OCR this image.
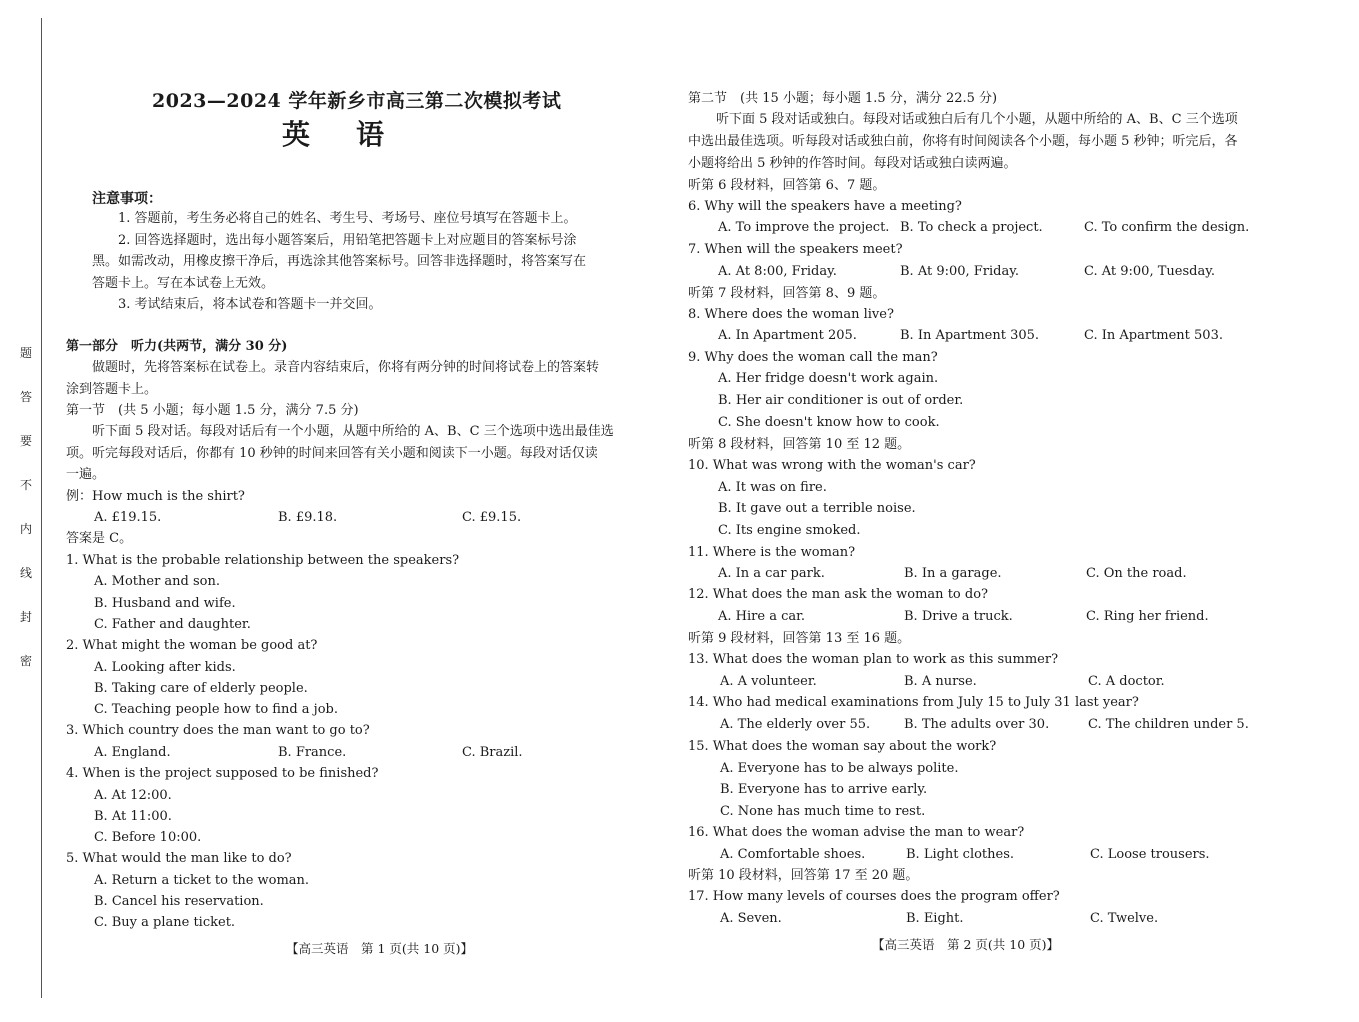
题
答
要
不
内
线
封
密
2023—2024 学年新乡市高三第二次模拟考试
英语
注意事项：
1. 答题前，考生务必将自己的姓名、考生号、考场号、座位号填写在答题卡上。
2. 回答选择题时，选出每小题答案后，用铅笔把答题卡上对应题目的答案标号涂
黑。如需改动，用橡皮擦干净后，再选涂其他答案标号。回答非选择题时，将答案写在
答题卡上。写在本试卷上无效。
3. 考试结束后，将本试卷和答题卡一并交回。
第一部分　听力(共两节，满分 30 分)
做题时，先将答案标在试卷上。录音内容结束后，你将有两分钟的时间将试卷上的答案转
涂到答题卡上。
第一节　(共 5 小题；每小题 1.5 分，满分 7.5 分)
听下面 5 段对话。每段对话后有一个小题，从题中所给的 A、B、C 三个选项中选出最佳选
项。听完每段对话后，你都有 10 秒钟的时间来回答有关小题和阅读下一小题。每段对话仅读
一遍。
例：How much is the shirt?
A. £19.15.	B. £9.18.	C. £9.15.
答案是 C。
1. What is the probable relationship between the speakers?
A. Mother and son.
B. Husband and wife.
C. Father and daughter.
2. What might the woman be good at?
A. Looking after kids.
B. Taking care of elderly people.
C. Teaching people how to find a job.
3. Which country does the man want to go to?
A. England.	B. France.	C. Brazil.
4. When is the project supposed to be finished?
A. At 12:00.
B. At 11:00.
C. Before 10:00.
5. What would the man like to do?
A. Return a ticket to the woman.
B. Cancel his reservation.
C. Buy a plane ticket.
【高三英语　第 1 页(共 10 页)】
第二节　(共 15 小题；每小题 1.5 分，满分 22.5 分)
听下面 5 段对话或独白。每段对话或独白后有几个小题，从题中所给的 A、B、C 三个选项
中选出最佳选项。听每段对话或独白前，你将有时间阅读各个小题，每小题 5 秒钟；听完后，各
小题将给出 5 秒钟的作答时间。每段对话或独白读两遍。
听第 6 段材料，回答第 6、7 题。
6. Why will the speakers have a meeting?
A. To improve the project. B. To check a project.	C. To confirm the design.
7. When will the speakers meet?
A. At 8:00, Friday.	B. At 9:00, Friday.	C. At 9:00, Tuesday.
听第 7 段材料，回答第 8、9 题。
8. Where does the woman live?
A. In Apartment 205.	B. In Apartment 305.	C. In Apartment 503.
9. Why does the woman call the man?
A. Her fridge doesn't work again.
B. Her air conditioner is out of order.
C. She doesn't know how to cook.
听第 8 段材料，回答第 10 至 12 题。
10. What was wrong with the woman's car?
A. It was on fire.
B. It gave out a terrible noise.
C. Its engine smoked.
11. Where is the woman?
A. In a car park.	B. In a garage.	C. On the road.
12. What does the man ask the woman to do?
A. Hire a car.	B. Drive a truck.	C. Ring her friend.
听第 9 段材料，回答第 13 至 16 题。
13. What does the woman plan to work as this summer?
A. A volunteer.	B. A nurse.	C. A doctor.
14. Who had medical examinations from July 15 to July 31 last year?
A. The elderly over 55.	B. The adults over 30.	C. The children under 5.
15. What does the woman say about the work?
A. Everyone has to be always polite.
B. Everyone has to arrive early.
C. None has much time to rest.
16. What does the woman advise the man to wear?
A. Comfortable shoes.	B. Light clothes.	C. Loose trousers.
听第 10 段材料，回答第 17 至 20 题。
17. How many levels of courses does the program offer?
A. Seven.	B. Eight.	C. Twelve.
【高三英语　第 2 页(共 10 页)】
